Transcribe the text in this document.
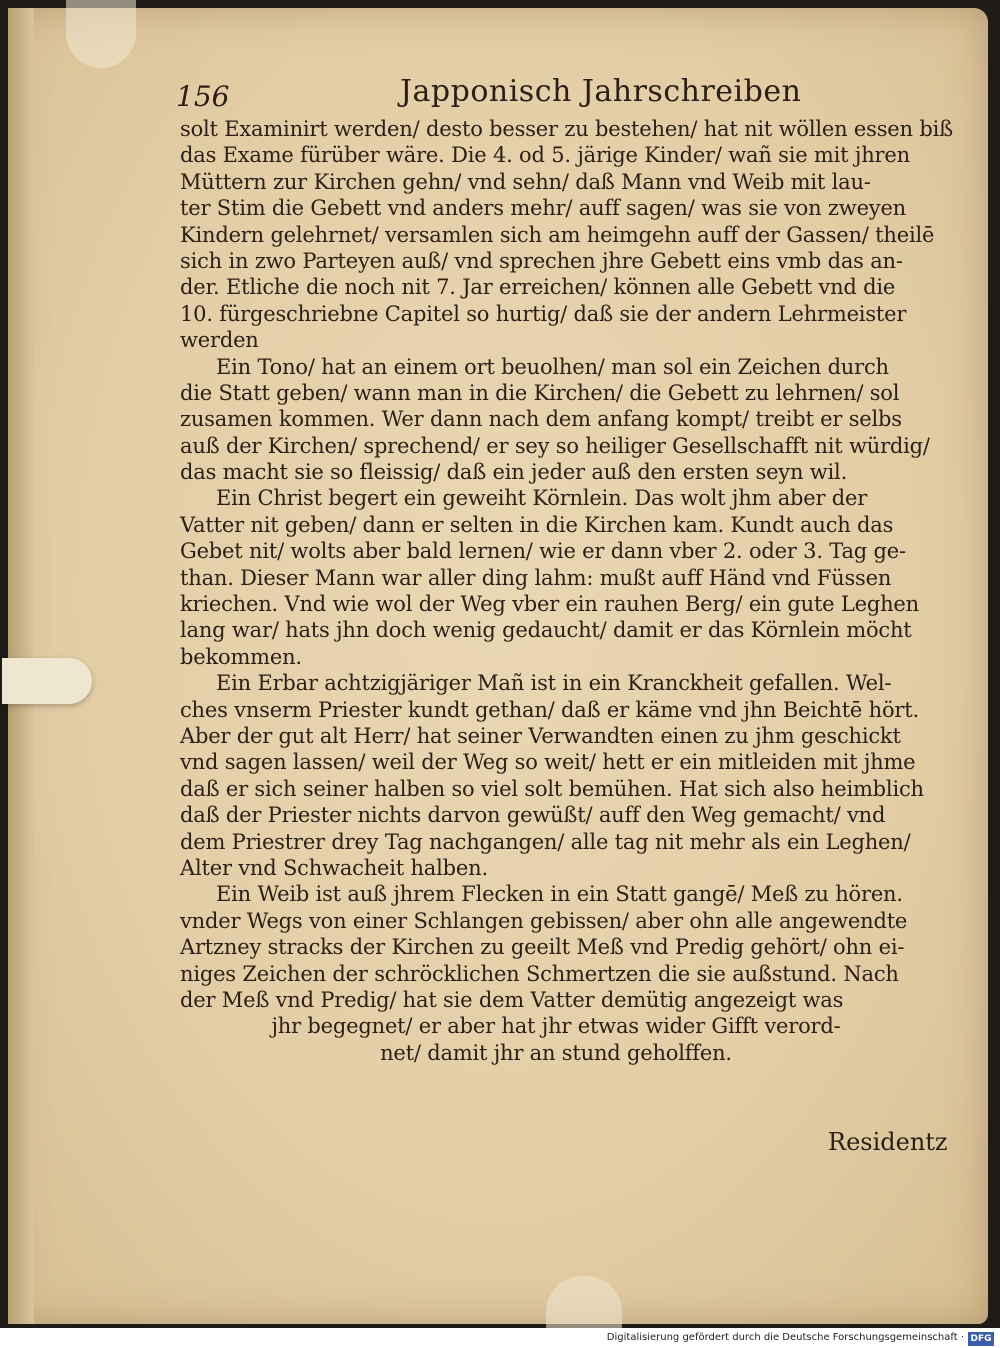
156	Japponisch Jahrschreiben
solt Examinirt werden/ desto besser zu bestehen/ hat nit wöllen essen biß
das Exame fürüber wäre. Die 4. od 5. järige Kinder/ wañ sie mit jhren
Müttern zur Kirchen gehn/ vnd sehn/ daß Mann vnd Weib mit lau-
ter Stim die Gebett vnd anders mehr/ auff sagen/ was sie von zweyen
Kindern gelehrnet/ versamlen sich am heimgehn auff der Gassen/ theilē
sich in zwo Parteyen auß/ vnd sprechen jhre Gebett eins vmb das an-
der. Etliche die noch nit 7. Jar erreichen/ können alle Gebett vnd die
10. fürgeschriebne Capitel so hurtig/ daß sie der andern Lehrmeister
werden
Ein Tono/ hat an einem ort beuolhen/ man sol ein Zeichen durch
die Statt geben/ wann man in die Kirchen/ die Gebett zu lehrnen/ sol
zusamen kommen. Wer dann nach dem anfang kompt/ treibt er selbs
auß der Kirchen/ sprechend/ er sey so heiliger Gesellschafft nit würdig/
das macht sie so fleissig/ daß ein jeder auß den ersten seyn wil.
Ein Christ begert ein geweiht Körnlein. Das wolt jhm aber der
Vatter nit geben/ dann er selten in die Kirchen kam. Kundt auch das
Gebet nit/ wolts aber bald lernen/ wie er dann vber 2. oder 3. Tag ge-
than. Dieser Mann war aller ding lahm: mußt auff Händ vnd Füssen
kriechen. Vnd wie wol der Weg vber ein rauhen Berg/ ein gute Leghen
lang war/ hats jhn doch wenig gedaucht/ damit er das Körnlein möcht
bekommen.
Ein Erbar achtzigjäriger Mañ ist in ein Kranckheit gefallen. Wel-
ches vnserm Priester kundt gethan/ daß er käme vnd jhn Beichtē hört.
Aber der gut alt Herr/ hat seiner Verwandten einen zu jhm geschickt
vnd sagen lassen/ weil der Weg so weit/ hett er ein mitleiden mit jhme
daß er sich seiner halben so viel solt bemühen. Hat sich also heimblich
daß der Priester nichts darvon gewüßt/ auff den Weg gemacht/ vnd
dem Priestrer drey Tag nachgangen/ alle tag nit mehr als ein Leghen/
Alter vnd Schwacheit halben.
Ein Weib ist auß jhrem Flecken in ein Statt gangē/ Meß zu hören.
vnder Wegs von einer Schlangen gebissen/ aber ohn alle angewendte
Artzney stracks der Kirchen zu geeilt Meß vnd Predig gehört/ ohn ei-
niges Zeichen der schröcklichen Schmertzen die sie außstund. Nach
der Meß vnd Predig/ hat sie dem Vatter demütig angezeigt was
jhr begegnet/ er aber hat jhr etwas wider Gifft verord-
net/ damit jhr an stund geholffen.
Residentz
Digitalisierung gefördert durch die Deutsche Forschungsgemeinschaft · DFG
